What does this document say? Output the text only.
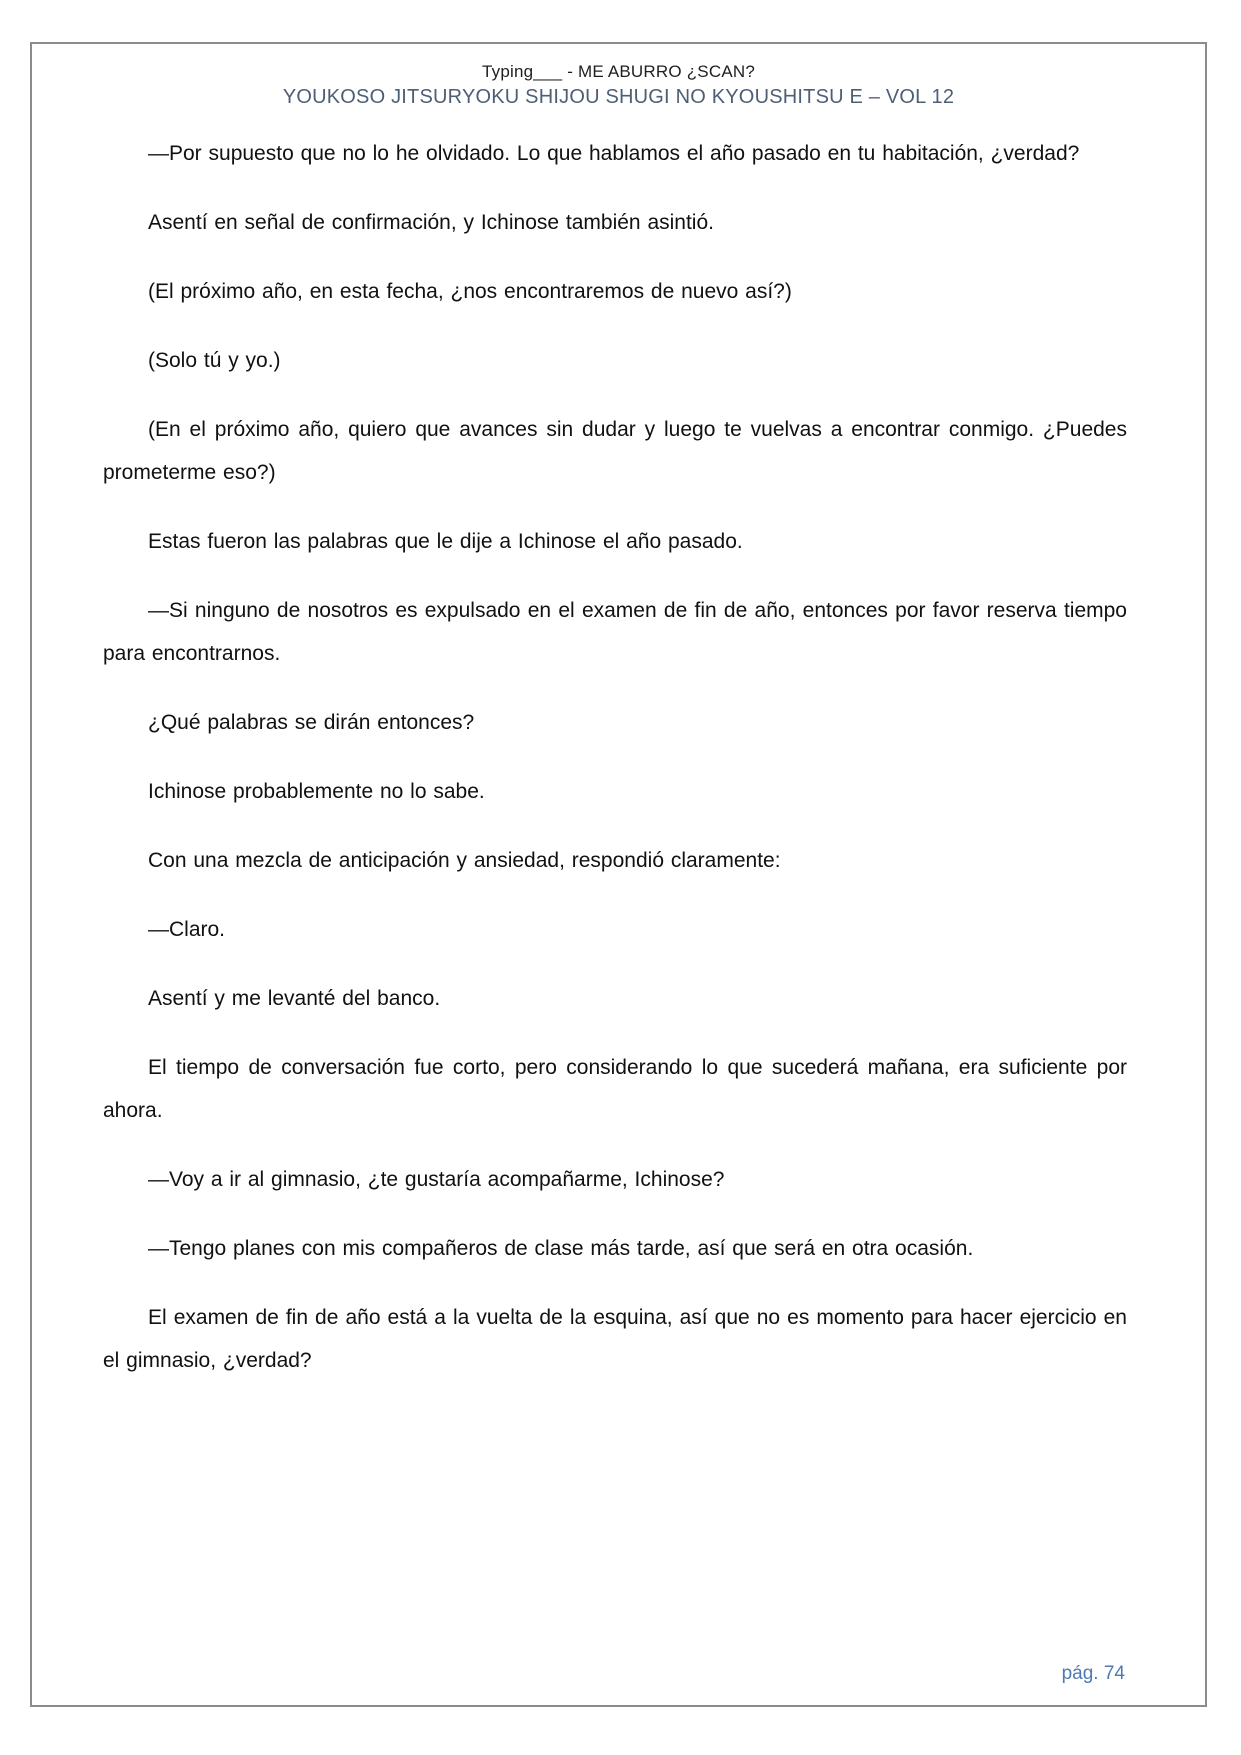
Typing___ - ME ABURRO ¿SCAN?
YOUKOSO JITSURYOKU SHIJOU SHUGI NO KYOUSHITSU E – VOL 12

—Por supuesto que no lo he olvidado. Lo que hablamos el año pasado en tu habitación, ¿verdad?

Asentí en señal de confirmación, y Ichinose también asintió.

(El próximo año, en esta fecha, ¿nos encontraremos de nuevo así?)

(Solo tú y yo.)

(En el próximo año, quiero que avances sin dudar y luego te vuelvas a encontrar conmigo. ¿Puedes prometerme eso?)

Estas fueron las palabras que le dije a Ichinose el año pasado.

—Si ninguno de nosotros es expulsado en el examen de fin de año, entonces por favor reserva tiempo para encontrarnos.

¿Qué palabras se dirán entonces?

Ichinose probablemente no lo sabe.

Con una mezcla de anticipación y ansiedad, respondió claramente:

—Claro.

Asentí y me levanté del banco.

El tiempo de conversación fue corto, pero considerando lo que sucederá mañana, era suficiente por ahora.

—Voy a ir al gimnasio, ¿te gustaría acompañarme, Ichinose?

—Tengo planes con mis compañeros de clase más tarde, así que será en otra ocasión.

El examen de fin de año está a la vuelta de la esquina, así que no es momento para hacer ejercicio en el gimnasio, ¿verdad?

pág. 74
